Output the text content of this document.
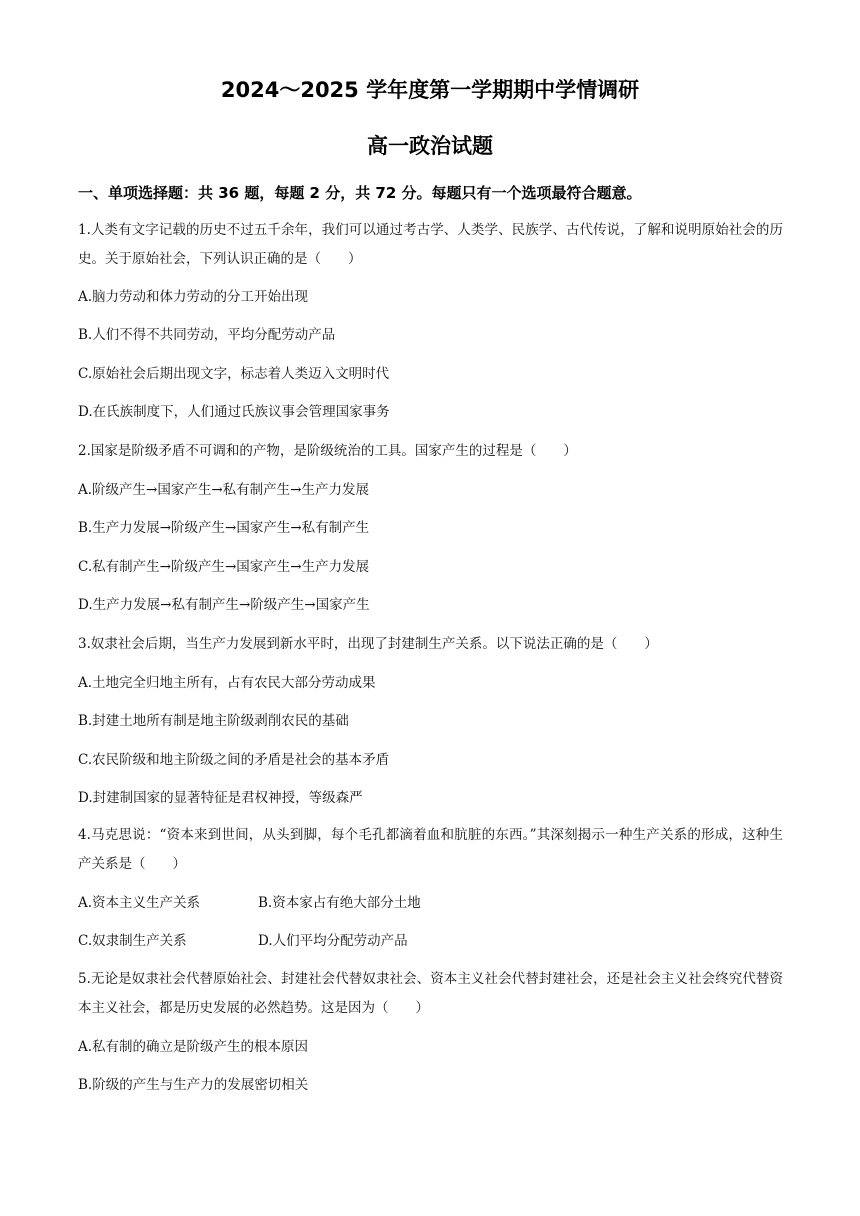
2024～2025 学年度第一学期期中学情调研
高一政治试题
一、单项选择题：共 36 题，每题 2 分，共 72 分。每题只有一个选项最符合题意。
1.人类有文字记载的历史不过五千余年，我们可以通过考古学、人类学、民族学、古代传说，了解和说明原始社会的历史。关于原始社会，下列认识正确的是（　　）
A.脑力劳动和体力劳动的分工开始出现
B.人们不得不共同劳动，平均分配劳动产品
C.原始社会后期出现文字，标志着人类迈入文明时代
D.在氏族制度下，人们通过氏族议事会管理国家事务
2.国家是阶级矛盾不可调和的产物，是阶级统治的工具。国家产生的过程是（　　）
A.阶级产生→国家产生→私有制产生→生产力发展
B.生产力发展→阶级产生→国家产生→私有制产生
C.私有制产生→阶级产生→国家产生→生产力发展
D.生产力发展→私有制产生→阶级产生→国家产生
3.奴隶社会后期，当生产力发展到新水平时，出现了封建制生产关系。以下说法正确的是（　　）
A.土地完全归地主所有，占有农民大部分劳动成果
B.封建土地所有制是地主阶级剥削农民的基础
C.农民阶级和地主阶级之间的矛盾是社会的基本矛盾
D.封建制国家的显著特征是君权神授，等级森严
4.马克思说：“资本来到世间，从头到脚，每个毛孔都滴着血和肮脏的东西。”其深刻揭示一种生产关系的形成，这种生产关系是（　　）
A.资本主义生产关系	B.资本家占有绝大部分土地
C.奴隶制生产关系	D.人们平均分配劳动产品
5.无论是奴隶社会代替原始社会、封建社会代替奴隶社会、资本主义社会代替封建社会，还是社会主义社会终究代替资本主义社会，都是历史发展的必然趋势。这是因为（　　）
A.私有制的确立是阶级产生的根本原因
B.阶级的产生与生产力的发展密切相关
